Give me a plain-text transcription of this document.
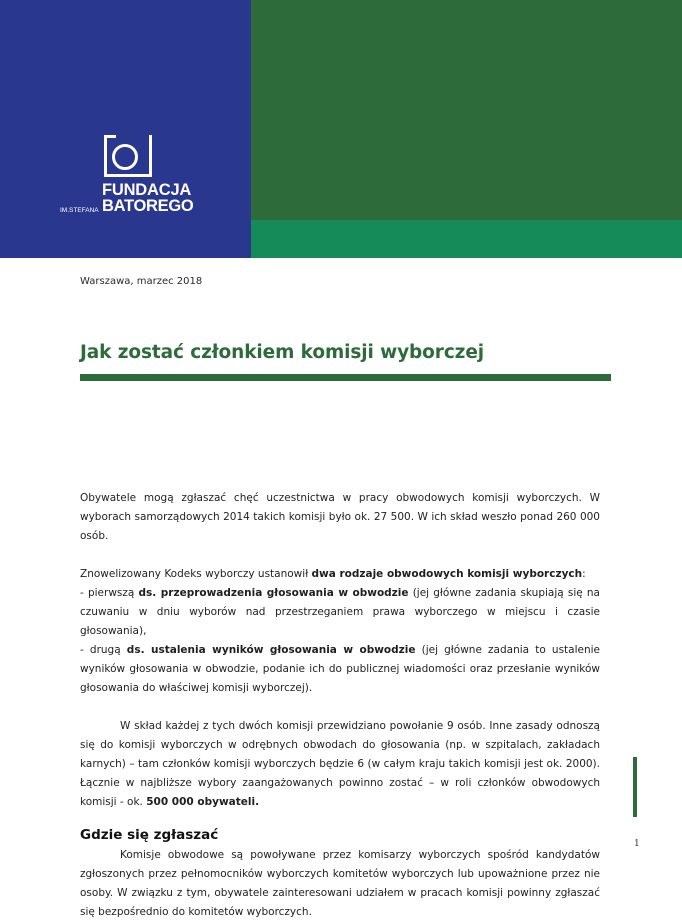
FUNDACJA
BATOREGO
IM.STEFANA
Warszawa, marzec 2018
Jak zostać członkiem komisji wyborczej

Obywatele mogą zgłaszać chęć uczestnictwa w pracy obwodowych komisji wyborczych. W wyborach samorządowych 2014 takich komisji było ok. 27 500. W ich skład weszło ponad 260 000 osób.

Znowelizowany Kodeks wyborczy ustanowił dwa rodzaje obwodowych komisji wyborczych:
- pierwszą ds. przeprowadzenia głosowania w obwodzie (jej główne zadania skupiają się na czuwaniu w dniu wyborów nad przestrzeganiem prawa wyborczego w miejscu i czasie głosowania),
- drugą ds. ustalenia wyników głosowania w obwodzie (jej główne zadania to ustalenie wyników głosowania w obwodzie, podanie ich do publicznej wiadomości oraz przesłanie wyników głosowania do właściwej komisji wyborczej).

W skład każdej z tych dwóch komisji przewidziano powołanie 9 osób. Inne zasady odnoszą się do komisji wyborczych w odrębnych obwodach do głosowania (np. w szpitalach, zakładach karnych) – tam członków komisji wyborczych będzie 6 (w całym kraju takich komisji jest ok. 2000). Łącznie w najbliższe wybory zaangażowanych powinno zostać – w roli członków obwodowych komisji - ok. 500 000 obywateli.

Gdzie się zgłaszać

Komisje obwodowe są powoływane przez komisarzy wyborczych spośród kandydatów zgłoszonych przez pełnomocników wyborczych komitetów wyborczych lub upoważnione przez nie osoby. W związku z tym, obywatele zainteresowani udziałem w pracach komisji powinny zgłaszać się bezpośrednio do komitetów wyborczych.

1
